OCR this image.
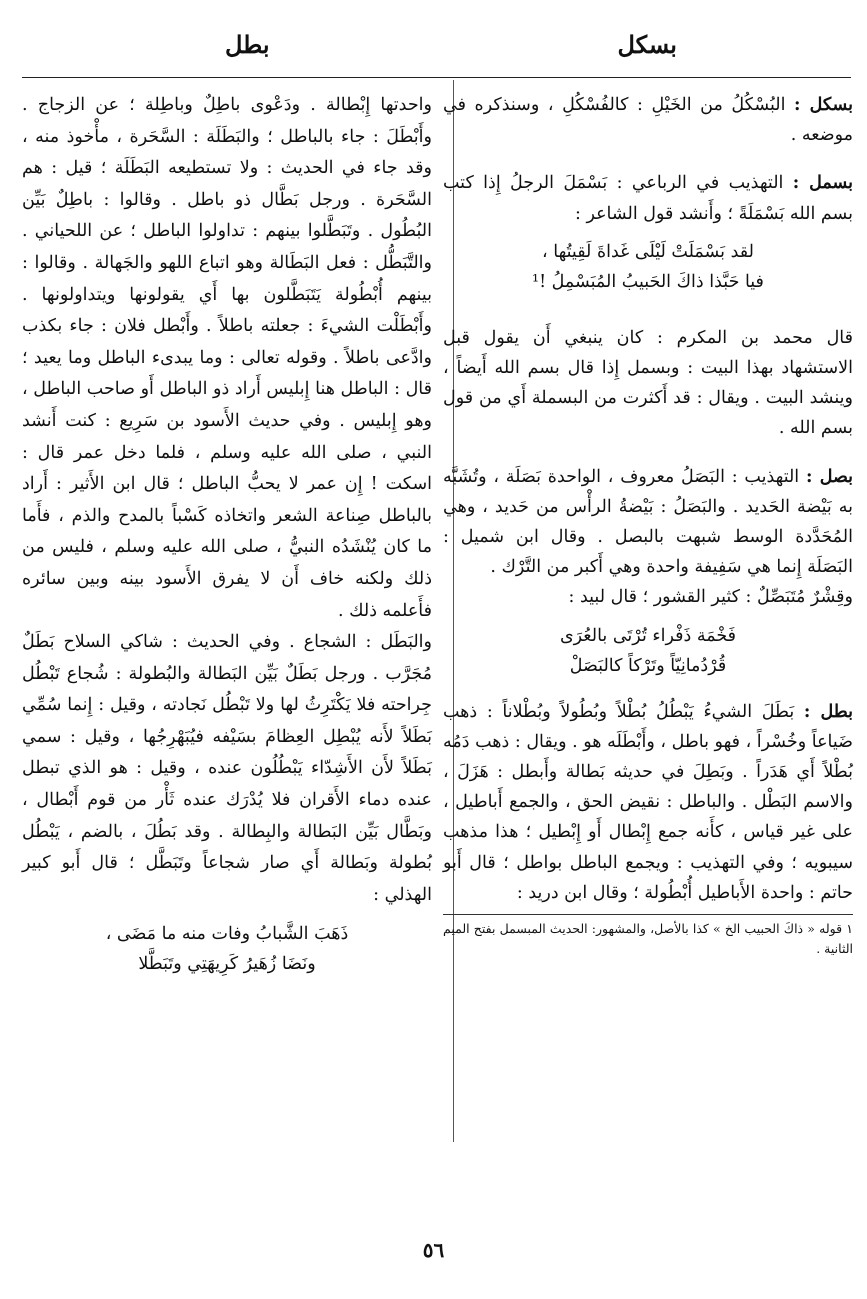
بسكل
بطل

بسكل : البُسْكُلُ من الخَيْلِ : كالفُسْكُلِ ، وسنذكره في موضعه .

بسمل : التهذيب في الرباعي : بَسْمَلَ الرجلُ إِذا كتب بسم الله بَسْمَلَةً ؛ وأَنشد قول الشاعر :

لقد بَسْمَلَتْ لَيْلَى غَداةَ لَقِيتُها ،
فيا حَبَّذا ذاكَ الحَبيبُ المُبَسْمِلُ !¹

قال محمد بن المكرم : كان ينبغي أَن يقول قبل الاستشهاد بهذا البيت : وبسمل إِذا قال بسم الله أَيضاً ، وينشد البيت . ويقال : قد أَكثرت من البسملة أَي من قول بسم الله .

بصل : التهذيب : البَصَلُ معروف ، الواحدة بَصَلَة ، وتُشَبَّه به بَيْضة الحَديد . والبَصَلُ : بَيْضةُ الرأْس من حَديد ، وهي المُحَدَّدة الوسط شبهت بالبصل . وقال ابن شميل : البَصَلَة إِنما هي سَفِيفة واحدة وهي أَكبر من التَّرْك .

وقِشْرٌ مُتَبَصِّلٌ : كثير القشور ؛ قال لبيد :

فَخْمَة ذَفْراء تُرْتَى بالعُرَى
قُرْدُمانِيّاً وتَرْكاً كالبَصَلْ

بطل : بَطَلَ الشيءُ يَبْطُلُ بُطْلاً وبُطُولاً وبُطْلاناً : ذهب ضَياعاً وخُسْراً ، فهو باطل ، وأَبْطَلَه هو . ويقال : ذهب دَمُه بُطْلاً أَي هَدَراً . وبَطِلَ في حديثه بَطالة وأَبطل : هَزَلَ ، والاسم البَطْل . والباطل : نقيض الحق ، والجمع أَباطيل ، على غير قياس ، كأَنه جمع إِبْطال أَو إِبْطيل ؛ هذا مذهب سيبويه ؛ وفي التهذيب : ويجمع الباطل بواطل ؛ قال أَبو حاتم : واحدة الأَباطيل أُبْطُولة ؛ وقال ابن دريد :

١ قوله « ذاكَ الحبيب الخ » كذا بالأصل، والمشهور: الحديث المبسمل بفتح الميم الثانية .

واحدتها إِبْطالة . ودَعْوى باطِلٌ وباطِلة ؛ عن الزجاج . وأَبْطَلَ : جاء بالباطل ؛ والبَطَلَة : السَّحَرة ، مأْخوذ منه ، وقد جاء في الحديث : ولا تستطيعه البَطَلَة ؛ قيل : هم السَّحَرة . ورجل بَطَّال ذو باطل . وقالوا : باطِلٌ بَيِّن البُطُول . وتَبَطَّلوا بينهم : تداولوا الباطل ؛ عن اللحياني . والتَّبَطُّل : فعل البَطَالة وهو اتباع اللهو والجَهالة . وقالوا : بينهم أُبْطُولة يَتَبَطَّلون بها أَي يقولونها ويتداولونها . وأَبْطَلْت الشيءَ : جعلته باطلاً . وأَبْطل فلان : جاء بكذب وادَّعى باطلاً . وقوله تعالى : وما يبدىء الباطل وما يعيد ؛ قال : الباطل هنا إِبليس أَراد ذو الباطل أَو صاحب الباطل ، وهو إِبليس . وفي حديث الأَسود بن سَرِيع : كنت أَنشد النبي ، صلى الله عليه وسلم ، فلما دخل عمر قال : اسكت ! إِن عمر لا يحبُّ الباطل ؛ قال ابن الأَثير : أَراد بالباطل صِناعة الشعر واتخاذه كَسْباً بالمدح والذم ، فأَما ما كان يُنْشَدُه النبيُّ ، صلى الله عليه وسلم ، فليس من ذلك ولكنه خاف أَن لا يفرق الأَسود بينه وبين سائره فأَعلمه ذلك .

والبَطَل : الشجاع . وفي الحديث : شاكي السلاح بَطَلٌ مُجَرَّب . ورجل بَطَلٌ بَيِّن البَطالة والبُطولة : شُجاع تَبْطُل جِراحته فلا يَكْتَرِثُ لها ولا تَبْطُل نَجادته ، وقيل : إِنما سُمِّي بَطَلاً لأَنه يُبْطِل العِظامَ بسَيْفه فيُبَهْرِجُها ، وقيل : سمي بَطَلاً لأَن الأَشِدّاء يَبْطُلُون عنده ، وقيل : هو الذي تبطل عنده دماء الأَقران فلا يُدْرَك عنده ثَأْر من قوم أَبْطال ، وبَطَّال بَيِّن البَطالة والبِطالة . وقد بَطُلَ ، بالضم ، يَبْطُل بُطولة وبَطالة أَي صار شجاعاً وتَبَطَّل ؛ قال أَبو كبير الهذلي :

ذَهَبَ الشَّبابُ وفات منه ما مَضَى ،
ونَضَا زُهَيرُ كَرِيهَتِي وتَبَطَّلا
٥٦
